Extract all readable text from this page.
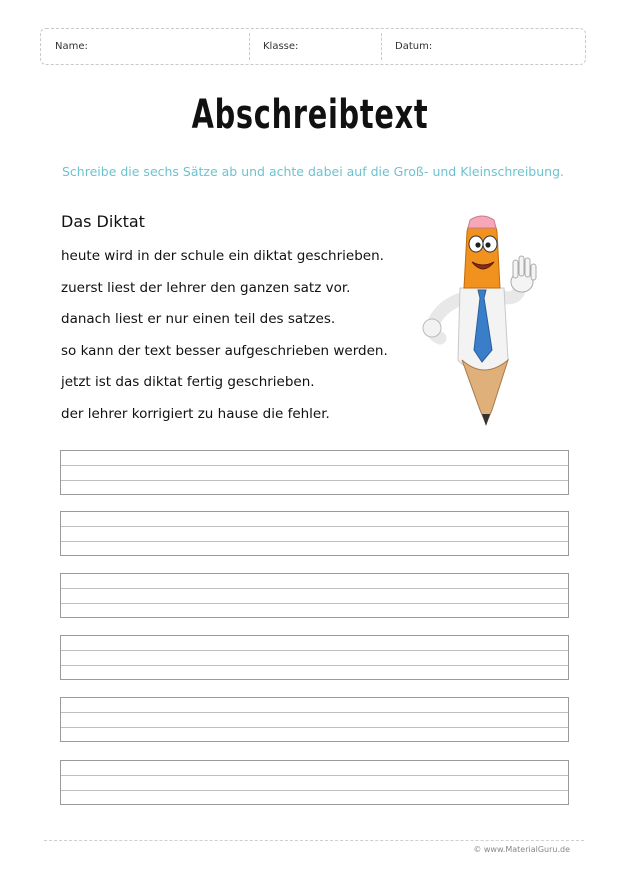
Name:	Klasse:	Datum:
Abschreibtext
Schreibe die sechs Sätze ab und achte dabei auf die Groß- und Kleinschreibung.
Das Diktat
heute wird in der schule ein diktat geschrieben.
zuerst liest der lehrer den ganzen satz vor.
danach liest er nur einen teil des satzes.
so kann der text besser aufgeschrieben werden.
jetzt ist das diktat fertig geschrieben.
der lehrer korrigiert zu hause die fehler.
© www.MaterialGuru.de
